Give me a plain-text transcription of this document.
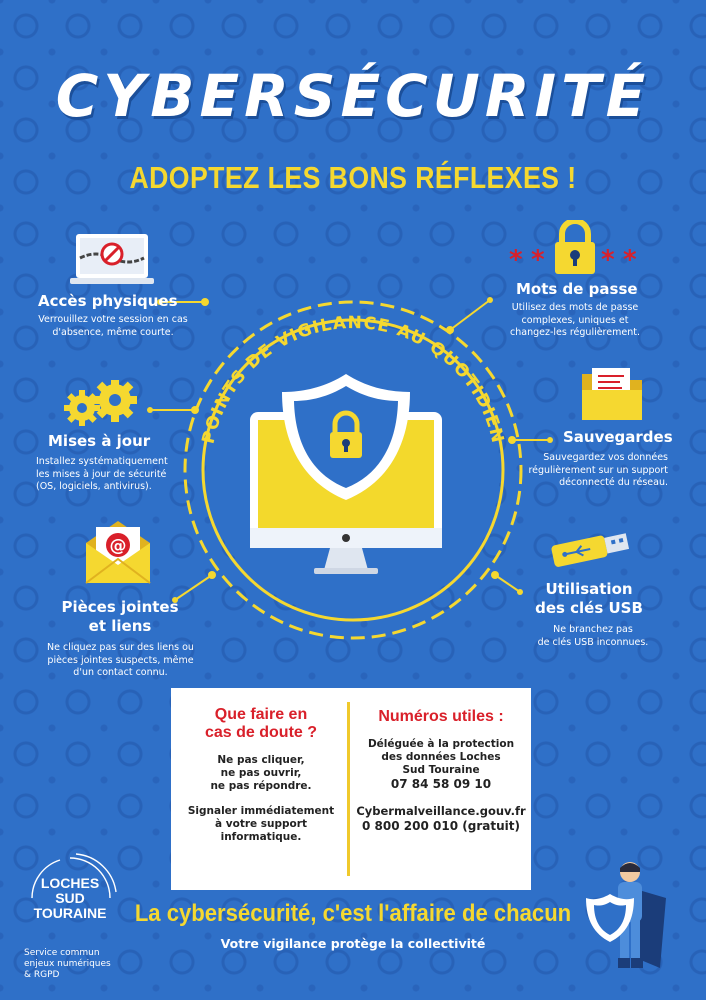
CYBERSÉCURITÉ
ADOPTEZ LES BONS RÉFLEXES !
POINTS DE VIGILANCE AU QUOTIDIEN
Accès physiques
Verrouillez votre session en cas
d'absence, même courte.
Mises à jour
Installez systématiquement
les mises à jour de sécurité
(OS, logiciels, antivirus).
@
Pièces jointes
et liens
Ne cliquez pas sur des liens ou
pièces jointes suspects, même
d'un contact connu.
* * * *
Mots de passe
Utilisez des mots de passe
complexes, uniques et
changez-les régulièrement.
Sauvegardes
Sauvegardez vos données
régulièrement sur un support
déconnecté du réseau.
Utilisation
des clés USB
Ne branchez pas
de clés USB inconnues.
Que faire en
cas de doute ?
Ne pas cliquer,
ne pas ouvrir,
ne pas répondre.
Signaler immédiatement
à votre support
informatique.
Numéros utiles :
Déléguée à la protection
des données Loches
Sud Touraine
07 84 58 09 10
Cybermalveillance.gouv.fr
0 800 200 010 (gratuit)
LOCHES
SUD
TOURAINE
Service commun
enjeux numériques
& RGPD
La cybersécurité, c'est l'affaire de chacun
Votre vigilance protège la collectivité
